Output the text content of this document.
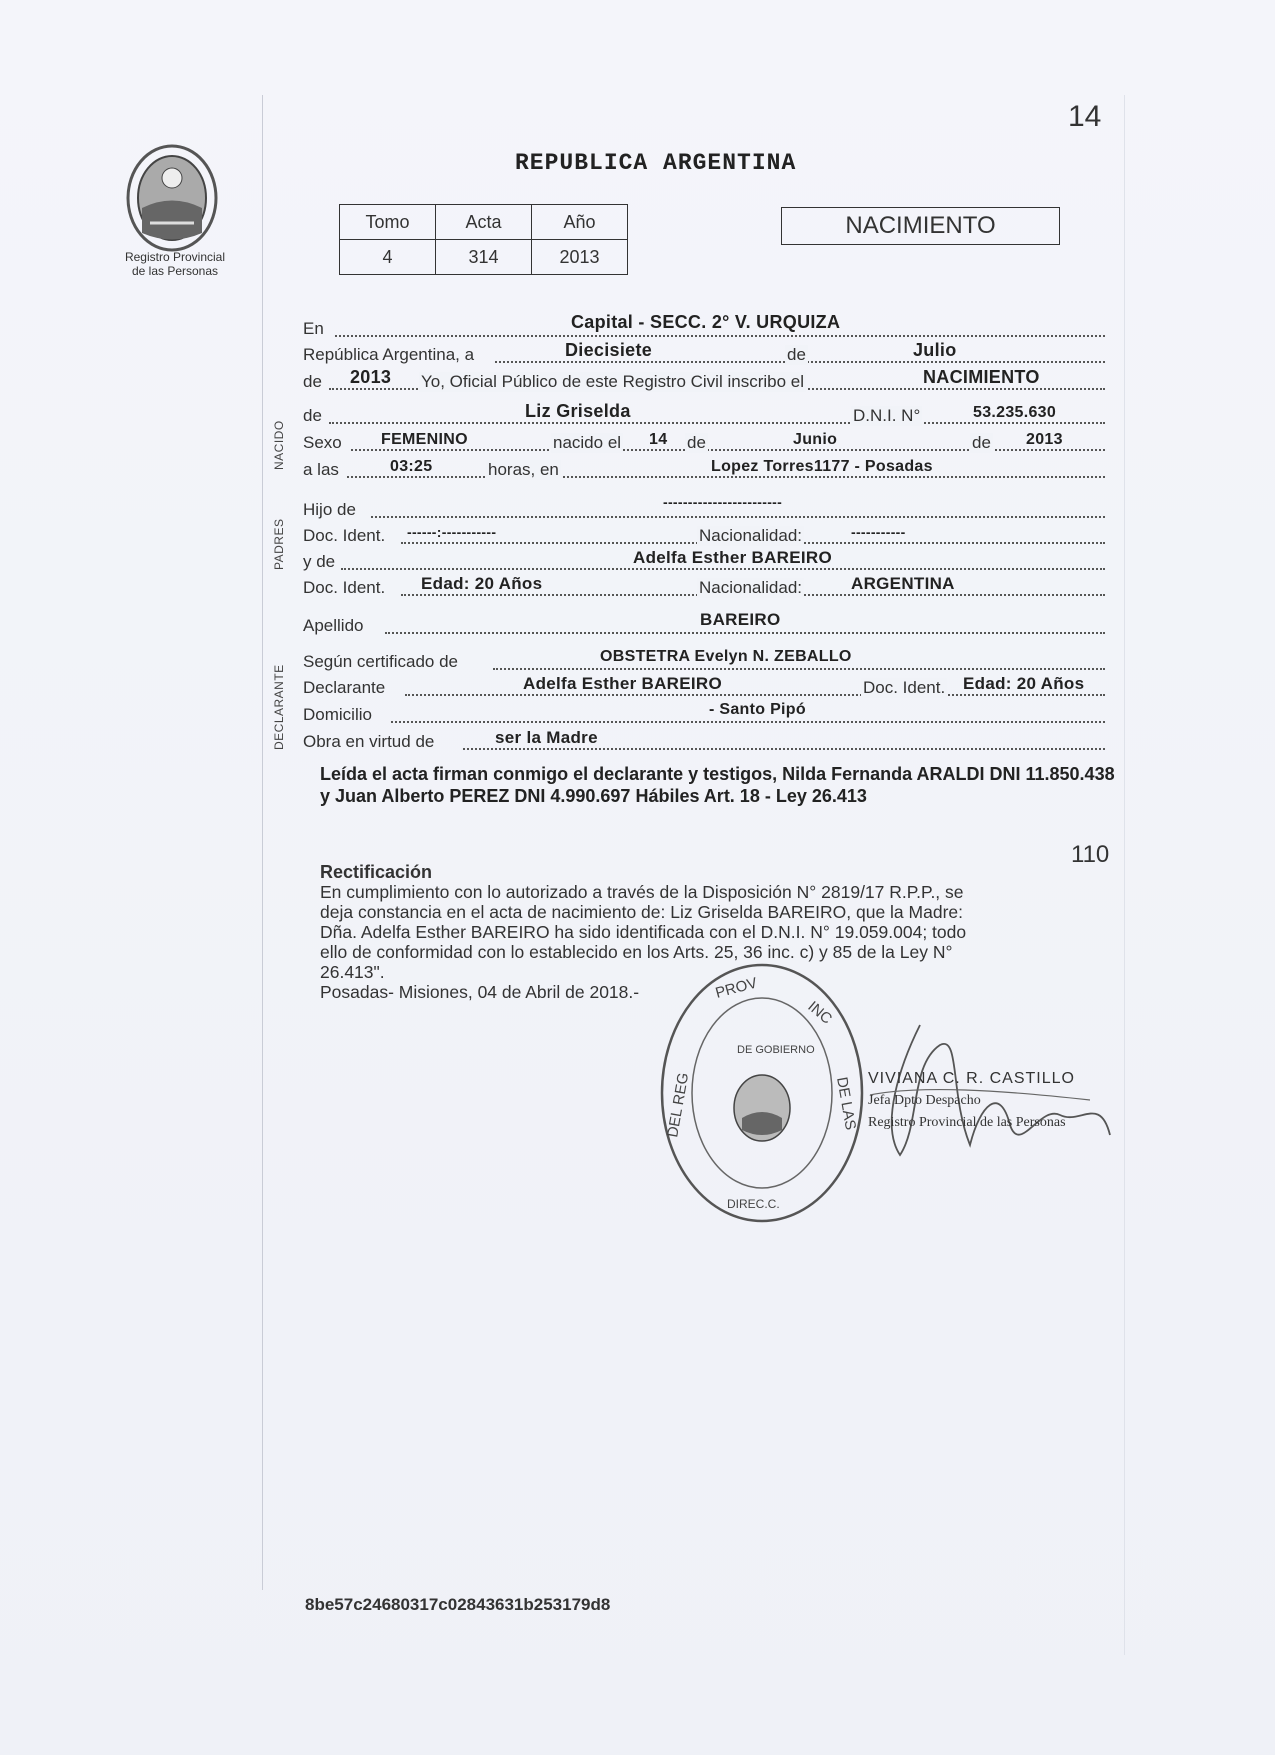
14
Registro Provincial
de las Personas
REPUBLICA ARGENTINA
Tomo	Acta	Año
4	314	2013
NACIMIENTO
NACIDO
PADRES
DECLARANTE
En	Capital - SECC. 2° V. URQUIZA
República Argentina, a	Diecisiete	de	Julio
de 2013 Yo, Oficial Público de este Registro Civil inscribo el	NACIMIENTO
de	Liz Griselda	D.N.I. N°	53.235.630
Sexo FEMENINO	nacido el 14 de	Junio	de 2013
a las	03:25	horas, en	Lopez Torres1177 - Posadas
Hijo de	------------------------
Doc. Ident. ------:-----------	Nacionalidad:	-----------
y de	Adelfa Esther BAREIRO
Doc. Ident. Edad: 20 Años	Nacionalidad:	ARGENTINA
Apellido	BAREIRO
Según certificado de	OBSTETRA Evelyn N. ZEBALLO
Declarante	Adelfa Esther BAREIRO	Doc. Ident. Edad: 20 Años
Domicilio	- Santo Pipó
Obra en virtud de	ser la Madre
Leída el acta firman conmigo el declarante y testigos, Nilda Fernanda ARALDI DNI 11.850.438 y Juan Alberto PEREZ DNI 4.990.697 Hábiles Art. 18 - Ley 26.413
110
Rectificación
En cumplimiento con lo autorizado a través de la Disposición N° 2819/17 R.P.P., se
deja constancia en el acta de nacimiento de: Liz Griselda BAREIRO, que la Madre:
Dña. Adelfa Esther BAREIRO ha sido identificada con el D.N.I. N° 19.059.004; todo
ello de conformidad con lo establecido en los Arts. 25, 36 inc. c) y 85 de la Ley N°
26.413".
Posadas- Misiones, 04 de Abril de 2018.-	PROV
INC
DE LAS
DEL REG
DIREC.C.
DE GOBIERNO
VIVIANA C. R. CASTILLO
Jefa Dpto Despacho
Registro Provincial de las Personas
8be57c24680317c02843631b253179d8
